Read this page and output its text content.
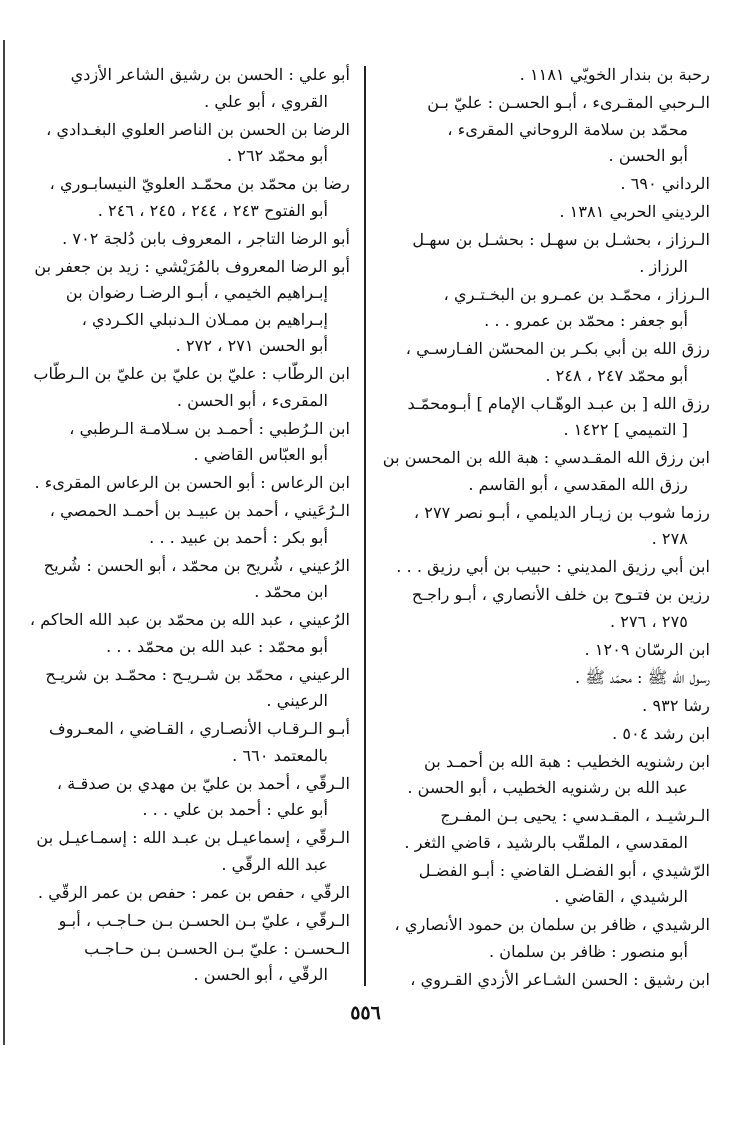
رحبة بن بندار الخويّي ١١٨١ .
الـرحبي المقـرىء ، أبـو الحسـن : عليّ بـن
محمّد بن سلامة الروحاني المقرىء ،
أبو الحسن .
الرداني ٦٩٠ .
الرديني الحربي ١٣٨١ .
الـرزاز ، بحشـل بن سهـل : بحشـل بن سهـل
الرزاز .
الـرزاز ، محمّـد بن عمـرو بن البخـتـري ،
أبو جعفر : محمّد بن عمرو . . .
رزق الله بن أبي بكـر بن المحسّن الفـارسـي ،
أبو محمّد ٢٤٧ ، ٢٤٨ .
رزق الله [ بن عبـد الوهّـاب الإمام ] أبـومحمّـد
[ التميمي ] ١٤٢٢ .
ابن رزق الله المقـدسي : هبة الله بن المحسن بن
رزق الله المقدسي ، أبو القاسم .
رزما شوب بن زيـار الديلمي ، أبـو نصر ٢٧٧ ،
٢٧٨ .
ابن أبي رزيق المديني : حبيب بن أبي رزيق . . .
رزين بن فتـوح بن خلف الأنصاري ، أبـو راجـح
٢٧٥ ، ٢٧٦ .
ابن الرسّان ١٢٠٩ .
رسول الله ﷺ : محمّد ﷺ .
رشا ٩٣٢ .
ابن رشد ٥٠٤ .
ابن رشنويه الخطيب : هبة الله بن أحمـد بن
عبد الله بن رشنويه الخطيب ، أبو الحسن .
الـرشيـد ، المقـدسي : يحيى بـن المفـرج
المقدسي ، الملقّب بالرشيد ، قاضي الثغر .
الرّشيدي ، أبو الفضـل القاضي : أبـو الفضـل
الرشيدي ، القاضي .
الرشيدي ، ظافر بن سلمان بن حمود الأنصاري ،
أبو منصور : ظافر بن سلمان .
ابن رشيق : الحسن الشـاعر الأزدي القـروي ،
أبو علي : الحسن بن رشيق الشاعر الأزدي
القروي ، أبو علي .
الرضا بن الحسن بن الناصر العلوي البغـدادي ،
أبو محمّد ٢٦٢ .
رضا بن محمّد بن محمّـد العلويّ النيسابـوري ،
أبو الفتوح ٢٤٣ ، ٢٤٤ ، ٢٤٥ ، ٢٤٦ .
أبو الرضا التاجر ، المعروف بابن دُلجة ٧٠٢ .
أبو الرضا المعروف بالمُرَيْشي : زيد بن جعفر بن
إبـراهيم الخيمي ، أبـو الرضـا رضوان بن
إبـراهيم بن ممـلان الـدنبلي الكـردي ،
أبو الحسن ٢٧١ ، ٢٧٢ .
ابن الرطّاب : عليّ بن عليّ بن عليّ بن الـرطّاب
المقرىء ، أبو الحسن .
ابن الـرُطبي : أحمـد بن سـلامـة الـرطبي ،
أبو العبّاس القاضي .
ابن الرعاس : أبو الحسن بن الرعاس المقرىء .
الـرُعَيني ، أحمد بن عبيـد بن أحمـد الحمصي ،
أبو بكر : أحمد بن عبيد . . .
الرُعيني ، شُريح بن محمّد ، أبو الحسن : شُريح
ابن محمّد .
الرُعيني ، عبد الله بن محمّد بن عبد الله الحاكم ،
أبو محمّد : عبد الله بن محمّد . . .
الرعيني ، محمّد بن شـريـح : محمّـد بن شريـح
الرعيني .
أبـو الـرقـاب الأنصـاري ، القـاضي ، المعـروف
بالمعتمد ٦٦٠ .
الـرقّي ، أحمد بن عليّ بن مهدي بن صدقـة ،
أبو علي : أحمد بن علي . . .
الـرقّي ، إسماعيـل بن عبـد الله : إسمـاعيـل بن
عبد الله الرقّي .
الرقّي ، حفص بن عمر : حفص بن عمر الرقّي .
الـرقّي ، عليّ بـن الحسـن بـن حـاجـب ، أبـو
الـحسـن : عليّ بـن الحسـن بـن حـاجـب
الرقّي ، أبو الحسن .
٥٥٦
